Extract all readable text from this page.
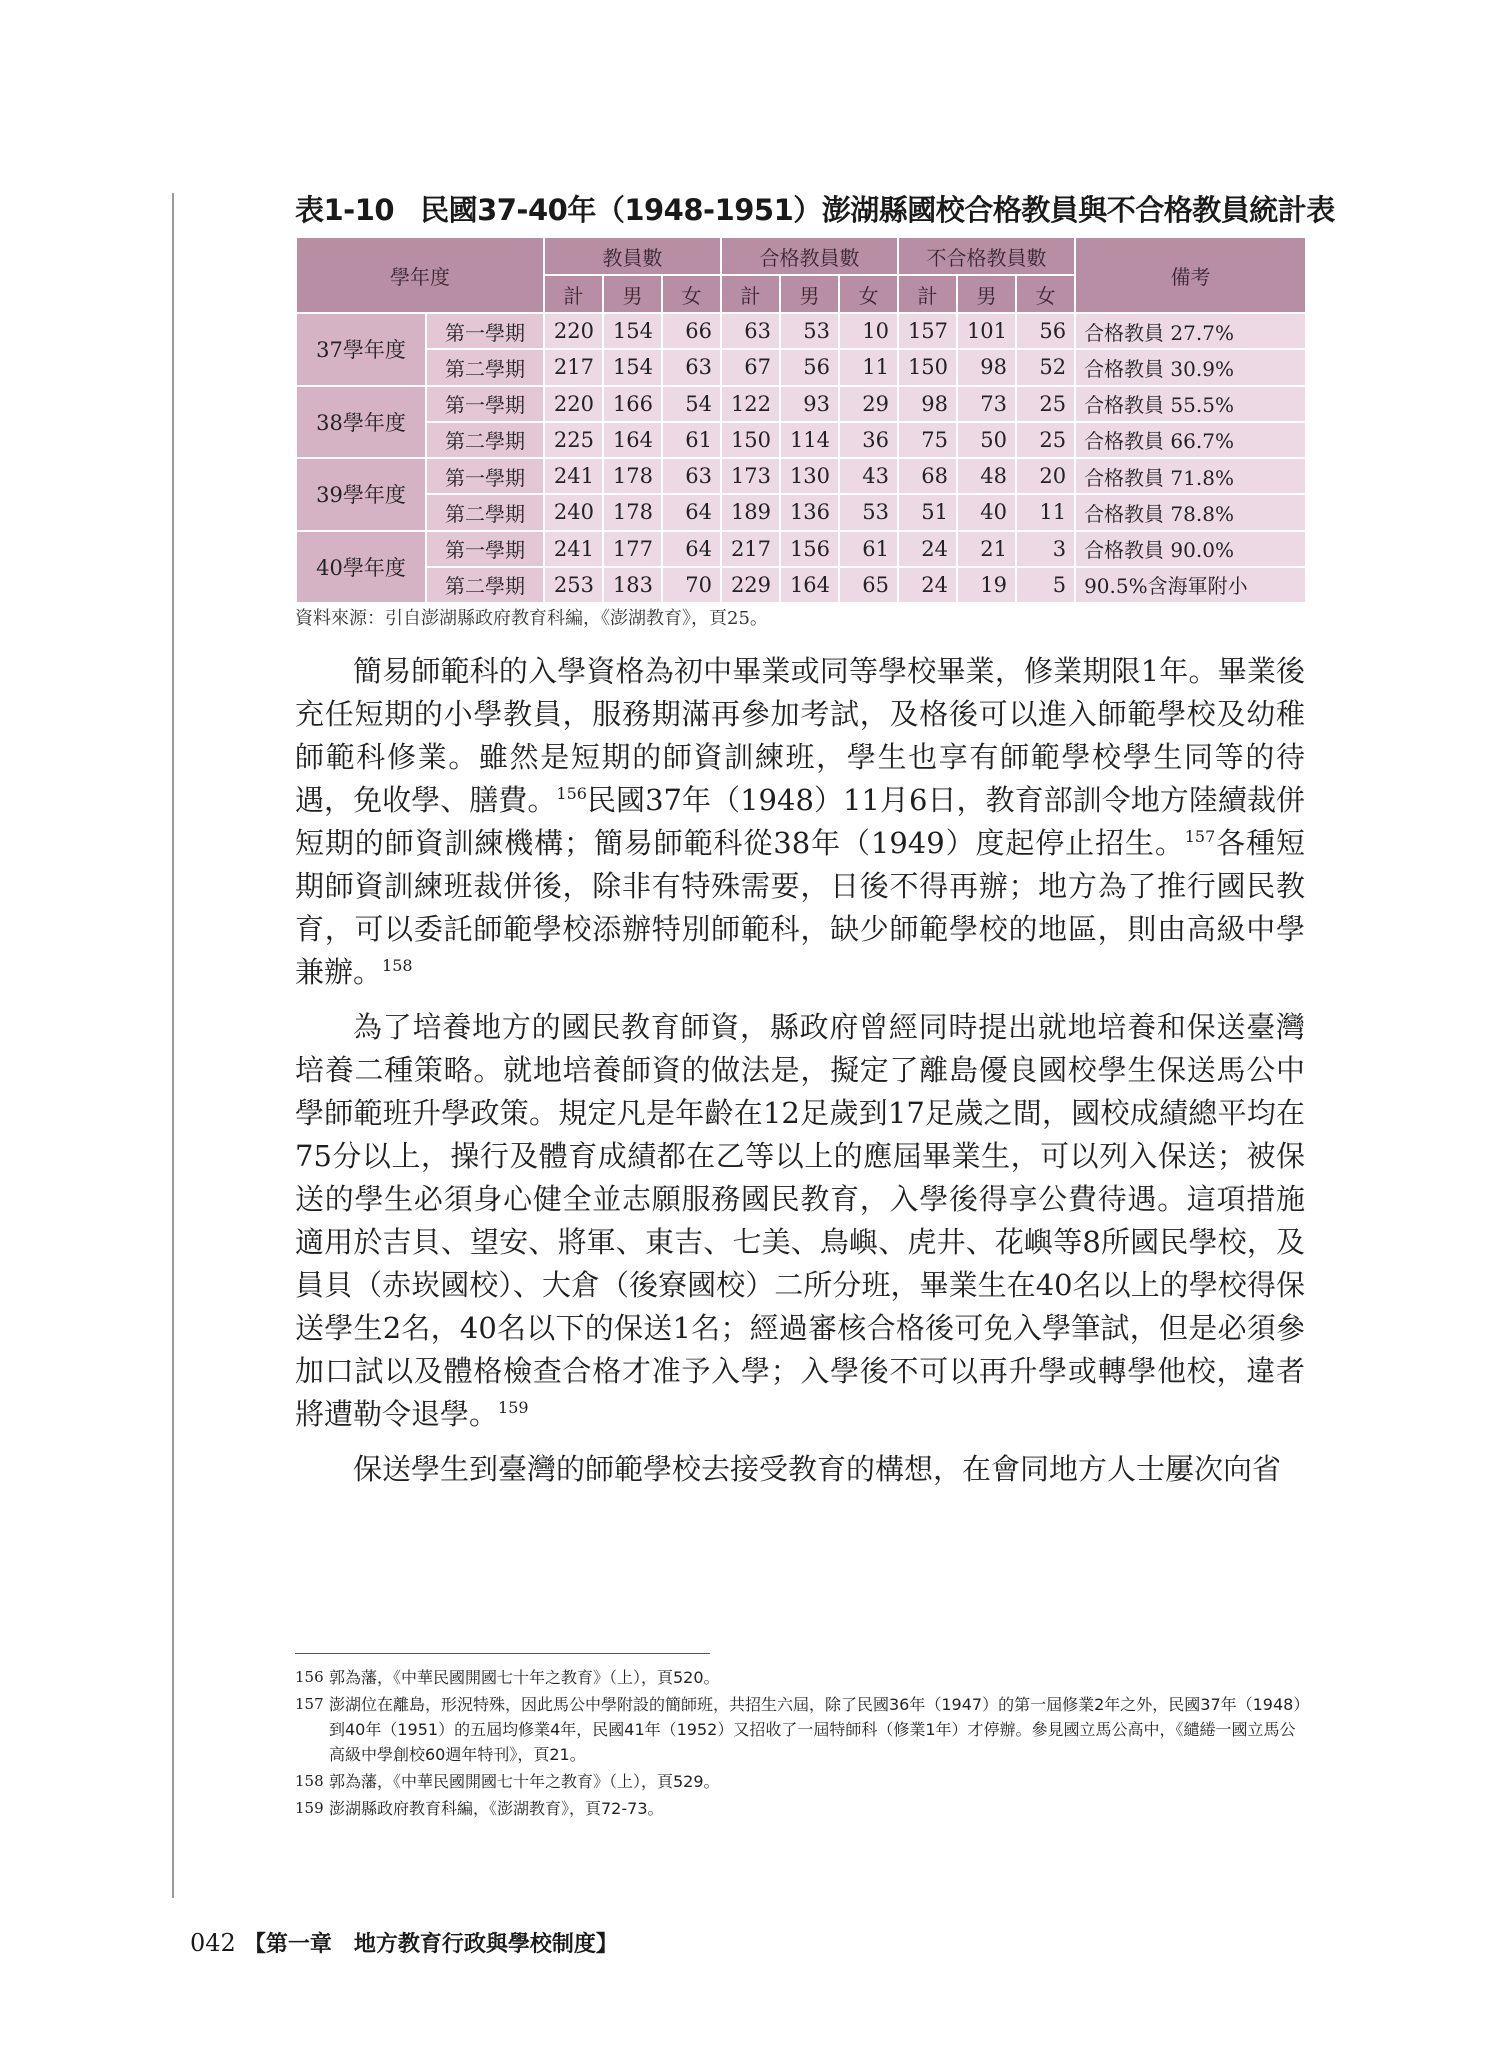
表1-10 民國37-40年（1948-1951）澎湖縣國校合格教員與不合格教員統計表
學年度		教員數			合格教員數			不合格教員數			備考
		計	男	女	計	男	女	計	男	女	
37學年度	第一學期	220	154	66	63	53	10	157	101	56	合格教員 27.7%
	第二學期	217	154	63	67	56	11	150	98	52	合格教員 30.9%
38學年度	第一學期	220	166	54	122	93	29	98	73	25	合格教員 55.5%
	第二學期	225	164	61	150	114	36	75	50	25	合格教員 66.7%
39學年度	第一學期	241	178	63	173	130	43	68	48	20	合格教員 71.8%
	第二學期	240	178	64	189	136	53	51	40	11	合格教員 78.8%
40學年度	第一學期	241	177	64	217	156	61	24	21	3	合格教員 90.0%
	第二學期	253	183	70	229	164	65	24	19	5	90.5%含海軍附小
資料來源：引自澎湖縣政府教育科編，《澎湖教育》，頁25。

簡易師範科的入學資格為初中畢業或同等學校畢業，修業期限1年。畢業後充任短期的小學教員，服務期滿再參加考試，及格後可以進入師範學校及幼稚師範科修業。雖然是短期的師資訓練班，學生也享有師範學校學生同等的待遇，免收學、膳費。$^{156}$民國37年（1948）11月6日，教育部訓令地方陸續裁併短期的師資訓練機構；簡易師範科從38年（1949）度起停止招生。$^{157}$各種短期師資訓練班裁併後，除非有特殊需要，日後不得再辦；地方為了推行國民教育，可以委託師範學校添辦特別師範科，缺少師範學校的地區，則由高級中學兼辦。$^{158}$

為了培養地方的國民教育師資，縣政府曾經同時提出就地培養和保送臺灣培養二種策略。就地培養師資的做法是，擬定了離島優良國校學生保送馬公中學師範班升學政策。規定凡是年齡在12足歲到17足歲之間，國校成績總平均在75分以上，操行及體育成績都在乙等以上的應屆畢業生，可以列入保送；被保送的學生必須身心健全並志願服務國民教育，入學後得享公費待遇。這項措施適用於吉貝、望安、將軍、東吉、七美、鳥嶼、虎井、花嶼等8所國民學校，及員貝（赤崁國校）、大倉（後寮國校）二所分班，畢業生在40名以上的學校得保送學生2名，40名以下的保送1名；經過審核合格後可免入學筆試，但是必須參加口試以及體格檢查合格才准予入學；入學後不可以再升學或轉學他校，違者將遭勒令退學。$^{159}$

保送學生到臺灣的師範學校去接受教育的構想，在會同地方人士屢次向省

156 郭為藩，《中華民國開國七十年之教育》（上），頁520。
157 澎湖位在離島，形況特殊，因此馬公中學附設的簡師班，共招生六屆，除了民國36年（1947）的第一屆修業2年之外，民國37年（1948）到40年（1951）的五屆均修業4年，民國41年（1952）又招收了一屆特師科（修業1年）才停辦。參見國立馬公高中，《繾綣一國立馬公高級中學創校60週年特刊》，頁21。
158 郭為藩，《中華民國開國七十年之教育》（上），頁529。
159 澎湖縣政府教育科編，《澎湖教育》，頁72-73。
042 【第一章　地方教育行政與學校制度】
